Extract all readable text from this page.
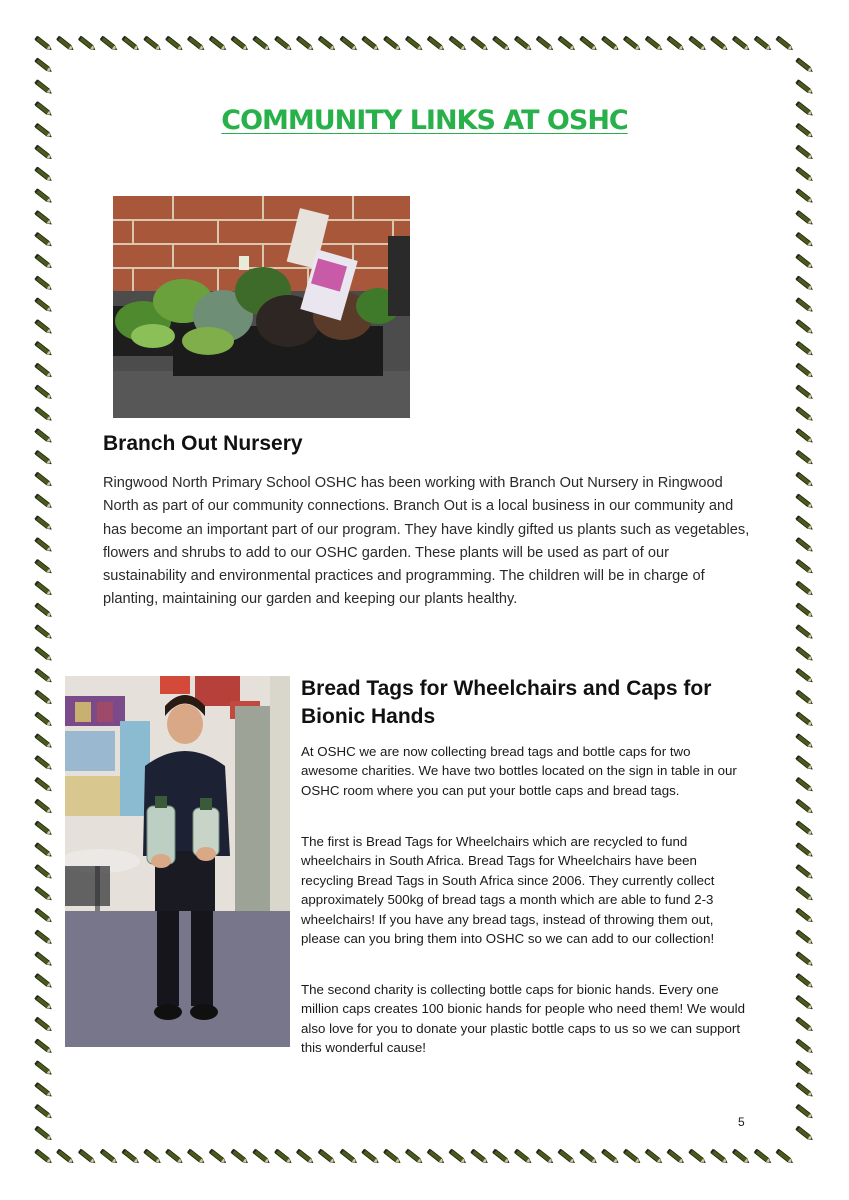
COMMUNITY LINKS AT OSHC
Branch Out Nursery

Ringwood North Primary School OSHC has been working with Branch Out Nursery in Ringwood North as part of our community connections. Branch Out is a local business in our community and has become an important part of our program. They have kindly gifted us plants such as vegetables, flowers and shrubs to add to our OSHC garden. These plants will be used as part of our sustainability and environmental practices and programming. The children will be in charge of planting, maintaining our garden and keeping our plants healthy.

Bread Tags for Wheelchairs and Caps for Bionic Hands

At OSHC we are now collecting bread tags and bottle caps for two awesome charities. We have two bottles located on the sign in table in our OSHC room where you can put your bottle caps and bread tags.

The first is Bread Tags for Wheelchairs which are recycled to fund wheelchairs in South Africa. Bread Tags for Wheelchairs have been recycling Bread Tags in South Africa since 2006. They currently collect approximately 500kg of bread tags a month which are able to fund 2-3 wheelchairs! If you have any bread tags, instead of throwing them out, please can you bring them into OSHC so we can add to our collection!

The second charity is collecting bottle caps for bionic hands. Every one million caps creates 100 bionic hands for people who need them! We would also love for you to donate your plastic bottle caps to us so we can support this wonderful cause!

5
